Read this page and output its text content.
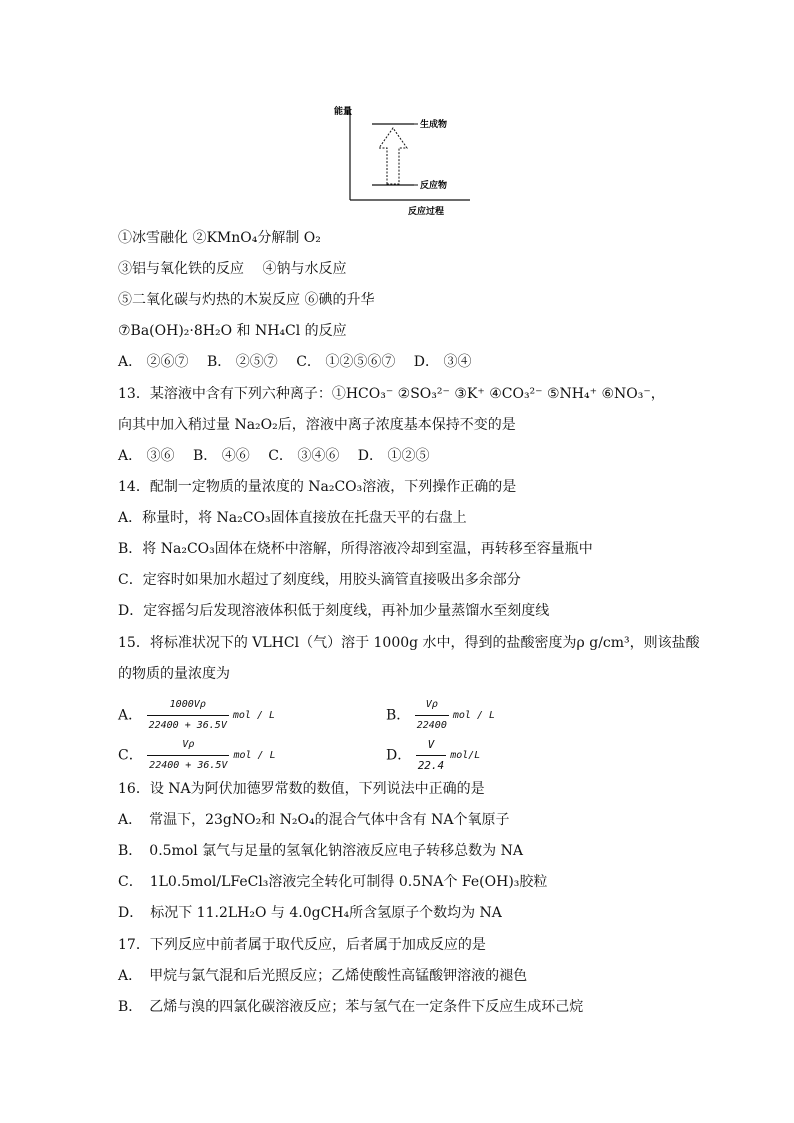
能量
生成物
反应物
反应过程
①冰雪融化 ②KMnO₄分解制 O₂
③铝与氧化铁的反应　 ④钠与水反应
⑤二氧化碳与灼热的木炭反应 ⑥碘的升华
⑦Ba(OH)₂·8H₂O 和 NH₄Cl 的反应
A． ②⑥⑦　 B． ②⑤⑦　 C． ①②⑤⑥⑦　 D． ③④
13．某溶液中含有下列六种离子：①HCO₃⁻ ②SO₃²⁻ ③K⁺ ④CO₃²⁻ ⑤NH₄⁺ ⑥NO₃⁻，
向其中加入稍过量 Na₂O₂后，溶液中离子浓度基本保持不变的是
A． ③⑥　 B． ④⑥　 C． ③④⑥　 D． ①②⑤
14．配制一定物质的量浓度的 Na₂CO₃溶液，下列操作正确的是
A．称量时，将 Na₂CO₃固体直接放在托盘天平的右盘上
B．将 Na₂CO₃固体在烧杯中溶解，所得溶液冷却到室温，再转移至容量瓶中
C．定容时如果加水超过了刻度线，用胶头滴管直接吸出多余部分
D．定容摇匀后发现溶液体积低于刻度线，再补加少量蒸馏水至刻度线
15．将标准状况下的 VLHCl（气）溶于 1000g 水中，得到的盐酸密度为ρ g/cm³，则该盐酸
的物质的量浓度为
A． $\frac{1000V\rho}{22400 + 36.5V}$ mol / L	B． $\frac{V\rho}{22400}$ mol / L
C． $\frac{V\rho}{22400 + 36.5V}$ mol / L	D． $\frac{V}{22.4} mol/L$
16．设 NA为阿伏加德罗常数的数值，下列说法中正确的是
A．　常温下，23gNO₂和 N₂O₄的混合气体中含有 NA个氧原子
B．　0.5mol 氯气与足量的氢氧化钠溶液反应电子转移总数为 NA
C．　1L0.5mol/LFeCl₃溶液完全转化可制得 0.5NA个 Fe(OH)₃胶粒
D．　标况下 11.2LH₂O 与 4.0gCH₄所含氢原子个数均为 NA
17．下列反应中前者属于取代反应，后者属于加成反应的是
A．　甲烷与氯气混和后光照反应；乙烯使酸性高锰酸钾溶液的褪色
B．　乙烯与溴的四氯化碳溶液反应；苯与氢气在一定条件下反应生成环己烷
